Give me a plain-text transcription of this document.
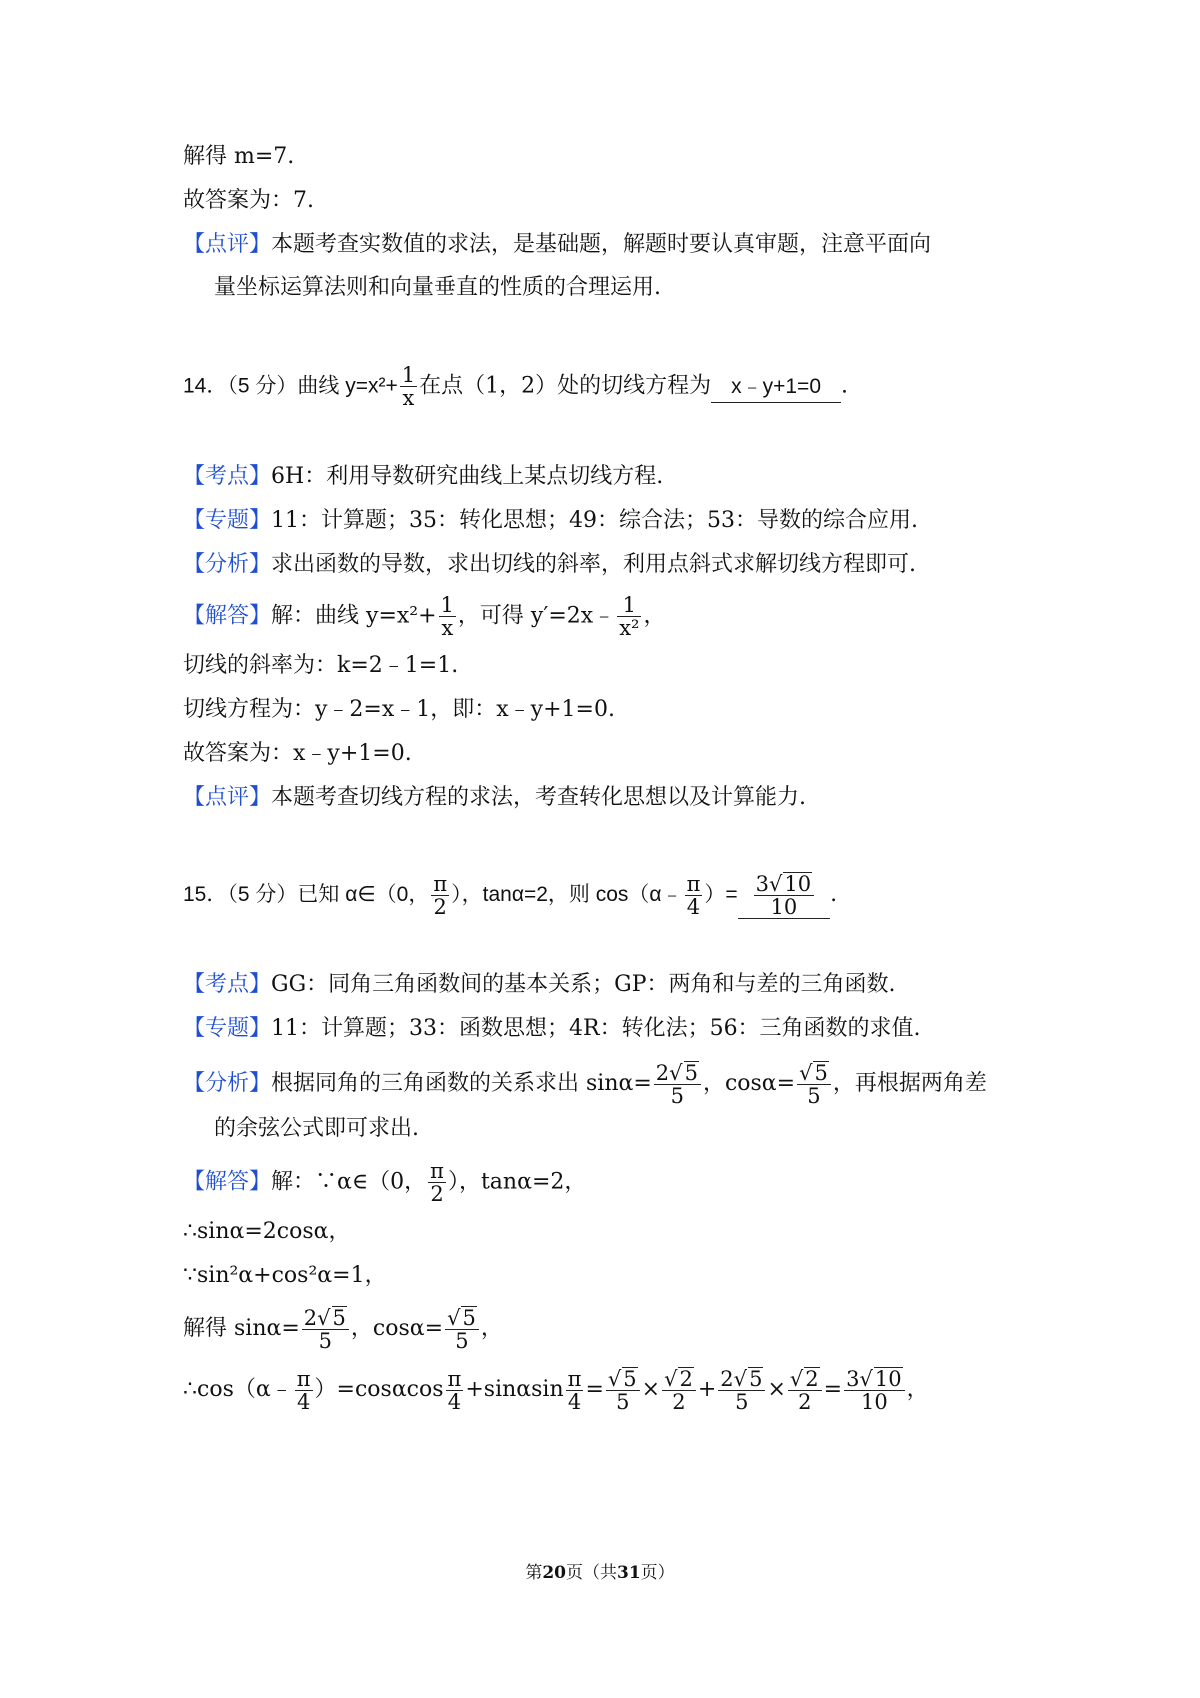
解得 m=7.
故答案为：7.
【点评】本题考查实数值的求法，是基础题，解题时要认真审题，注意平面向
量坐标运算法则和向量垂直的性质的合理运用.
14．（5 分）曲线 $y=x^2+ \frac{1}{x}$ 在点（1，2）处的切线方程为 x﹣y+1=0 .
【考点】6H：利用导数研究曲线上某点切线方程.
【专题】11：计算题；35：转化思想；49：综合法；53：导数的综合应用.
【分析】求出函数的导数，求出切线的斜率，利用点斜式求解切线方程即可.
【解答】解：曲线 $y=x^2+ \frac{1}{x}$ ，可得 y′=2x﹣ $\frac{1}{\text{x²}}$ ，
切线的斜率为：k=2﹣1=1.
切线方程为：y﹣2=x﹣1，即：x﹣y+1=0.
故答案为：x﹣y+1=0.
【点评】本题考查切线方程的求法，考查转化思想以及计算能力.
15．（5 分）已知 α∈（0， $\frac{\pi}{2}$ ），tanα=2，则 cos（α﹣ $\frac{\pi}{4}$ ）= $\frac{3√10}{10}$ .
【考点】GG：同角三角函数间的基本关系；GP：两角和与差的三角函数.
【专题】11：计算题；33：函数思想；4R：转化法；56：三角函数的求值.
【分析】根据同角的三角函数的关系求出 $\sin\alpha= \frac{2√5}{5}$ ，$\cos\alpha= \frac{√5}{5}$ ，再根据两角差
的余弦公式即可求出.
【解答】解：∵α∈（0， $\frac{\pi}{2}$ ），tanα=2，
∴sinα=2cosα，
∵sin²α+cos²α=1，
解得 $\sin\alpha= \frac{2√5}{5}$ ，$\cos\alpha= \frac{√5}{5}$ ，
∴cos（α﹣ $\frac{\pi}{4} )=\cos\alpha\cos \frac{\pi}{4} +\sin\alpha\sin \frac{\pi}{4} = \frac{√5}{5} \times \frac{√2}{2} + \frac{2√5}{5} \times \frac{√2}{2} = \frac{3√10}{10}$ ，
第20页（共31页）
